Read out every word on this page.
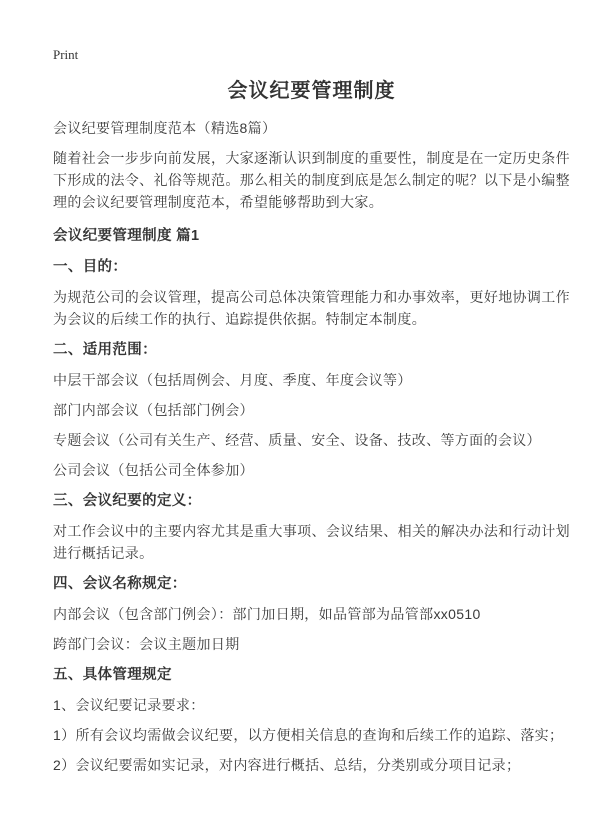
Print
会议纪要管理制度

会议纪要管理制度范本（精选8篇）

随着社会一步步向前发展，大家逐渐认识到制度的重要性，制度是在一定历史条件下形成的法令、礼俗等规范。那么相关的制度到底是怎么制定的呢？以下是小编整理的会议纪要管理制度范本，希望能够帮助到大家。

会议纪要管理制度 篇1
一、目的：

为规范公司的会议管理，提高公司总体决策管理能力和办事效率，更好地协调工作为会议的后续工作的执行、追踪提供依据。特制定本制度。

二、适用范围：

中层干部会议（包括周例会、月度、季度、年度会议等）

部门内部会议（包括部门例会）

专题会议（公司有关生产、经营、质量、安全、设备、技改、等方面的会议）

公司会议（包括公司全体参加）

三、会议纪要的定义：

对工作会议中的主要内容尤其是重大事项、会议结果、相关的解决办法和行动计划进行概括记录。

四、会议名称规定：

内部会议（包含部门例会）：部门加日期，如品管部为品管部xx0510

跨部门会议：会议主题加日期

五、具体管理规定

1、会议纪要记录要求：

1）所有会议均需做会议纪要，以方便相关信息的查询和后续工作的追踪、落实；

2）会议纪要需如实记录，对内容进行概括、总结，分类别或分项目记录；
